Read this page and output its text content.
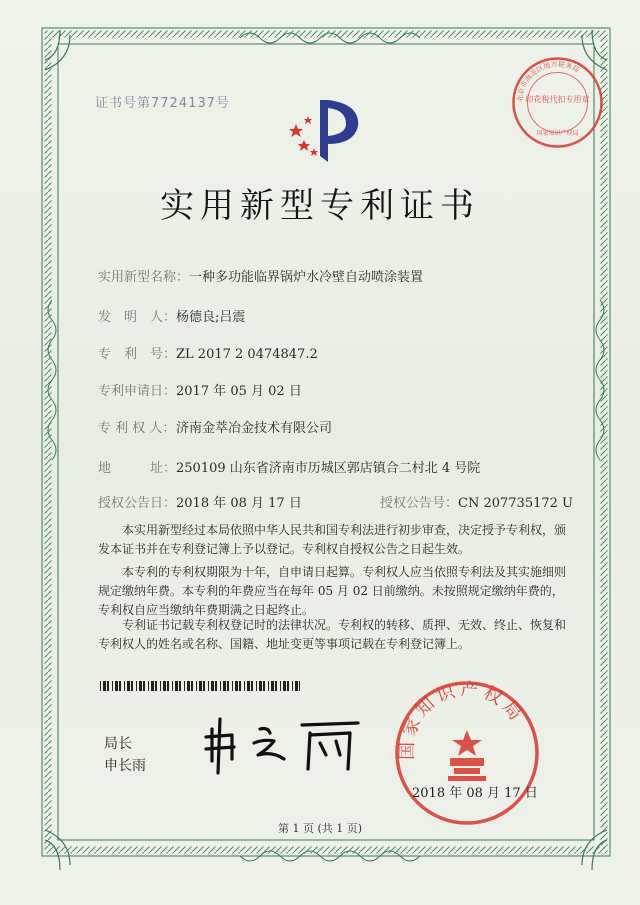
证书号第7724137号	北京市海淀区地方税务局
印花税代扣专用章
国家知识产权局
实用新型专利证书
实用新型名称：一种多功能临界锅炉水冷壁自动喷涂装置
发　明　人：杨德良;吕震
专　利　号：ZL 2017 2 0474847.2
专利申请日：2017 年 05 月 02 日
专 利 权 人：济南金萃冶金技术有限公司
地　　　址：250109 山东省济南市历城区郭店镇合二村北 4 号院
授权公告日：2018 年 08 月 17 日	授权公告号：CN 207735172 U
本实用新型经过本局依照中华人民共和国专利法进行初步审查，决定授予专利权，颁发本证书并在专利登记簿上予以登记。专利权自授权公告之日起生效。
本专利的专利权期限为十年，自申请日起算。专利权人应当依照专利法及其实施细则规定缴纳年费。本专利的年费应当在每年 05 月 02 日前缴纳。未按照规定缴纳年费的，专利权自应当缴纳年费期满之日起终止。
专利证书记载专利权登记时的法律状况。专利权的转移、质押、无效、终止、恢复和专利权人的姓名或名称、国籍、地址变更等事项记载在专利登记簿上。
局长
申长雨
国家知识产权局
2018 年 08 月 17 日
第 1 页 (共 1 页)
